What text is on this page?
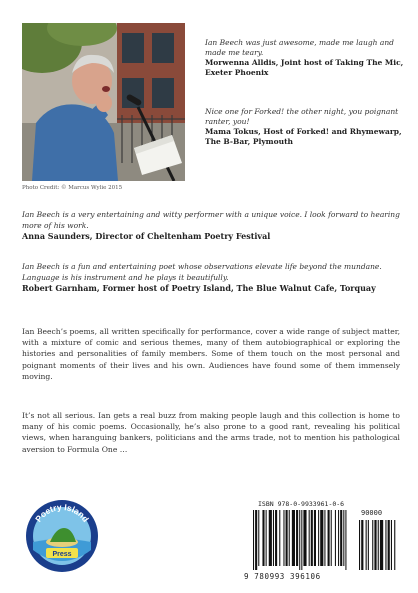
Photo Credit: © Marcus Wylie 2015
Ian Beech was just awesome, made me laugh and made me teary.
Morwenna Alldis, Joint host of Taking The Mic, Exeter Phoenix
Nice one for Forked! the other night, you poignant ranter, you!
Mama Tokus, Host of Forked! and Rhymewarp, The B-Bar, Plymouth
Ian Beech is a very entertaining and witty performer with a unique voice. I look forward to hearing more of his work.
Anna Saunders, Director of Cheltenham Poetry Festival
Ian Beech is a fun and entertaining poet whose observations elevate life beyond the mundane. Language is his instrument and he plays it beautifully.
Robert Garnham, Former host of Poetry Island, The Blue Walnut Cafe, Torquay
Ian Beech’s poems, all written specifically for performance, cover a wide range of subject matter, with a mixture of comic and serious themes, many of them autobiographical or exploring the histories and personalities of family members. Some of them touch on the most personal and poignant moments of their lives and his own. Audiences have found some of them immensely moving.
It’s not all serious. Ian gets a real buzz from making people laugh and this collection is home to many of his comic poems. Occasionally, he’s also prone to a good rant, revealing his political views, when haranguing bankers, politicians and the arms trade, not to mention his pathological aversion to Formula One …
Poetry Island
Press
ISBN 978-0-9933961-0-6
90000
9 780993 396106
